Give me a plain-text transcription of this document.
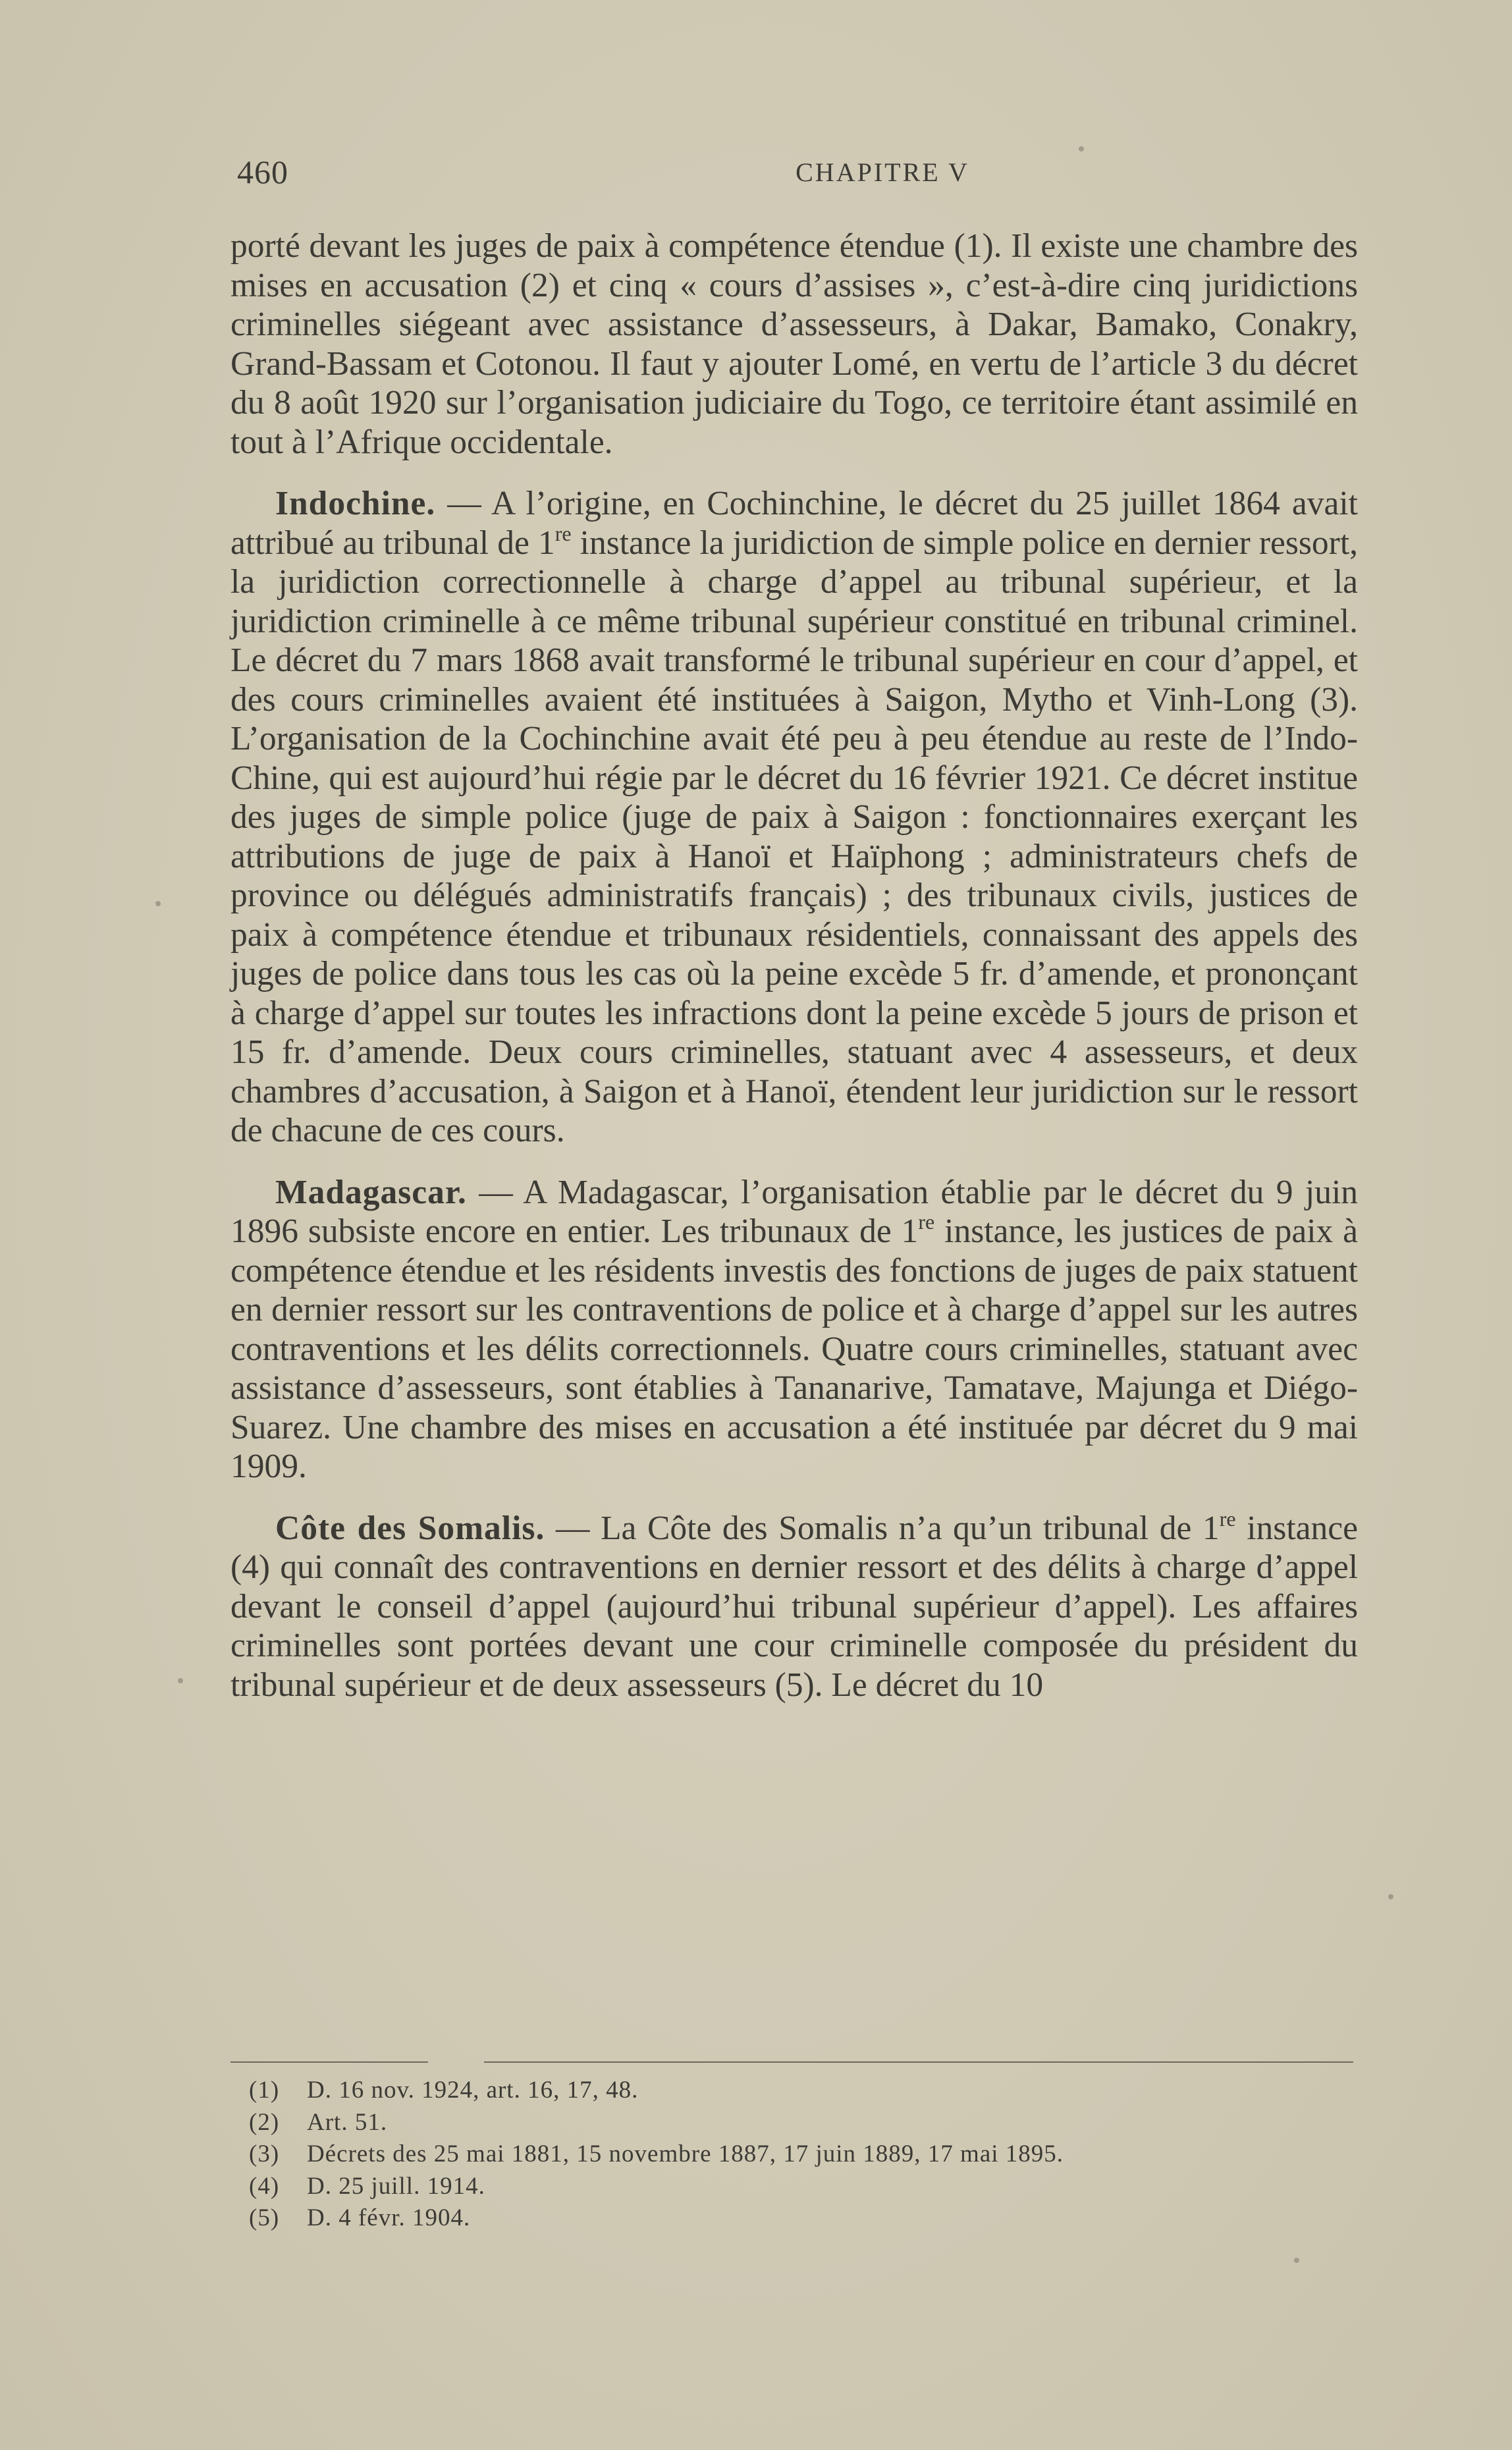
460	CHAPITRE V

porté devant les juges de paix à compétence étendue (1). Il existe une chambre des mises en accusation (2) et cinq « cours d’assises », c’est-à-dire cinq juridictions criminelles siégeant avec assistance d’assesseurs, à Dakar, Bamako, Conakry, Grand-Bassam et Cotonou. Il faut y ajouter Lomé, en vertu de l’article 3 du décret du 8 août 1920 sur l’organisation judiciaire du Togo, ce territoire étant assimilé en tout à l’Afrique occidentale.

Indochine. — A l’origine, en Cochinchine, le décret du 25 juillet 1864 avait attribué au tribunal de 1re instance la juridiction de simple police en dernier ressort, la juridiction correctionnelle à charge d’appel au tribunal supérieur, et la juridiction criminelle à ce même tribunal supérieur constitué en tribunal criminel. Le décret du 7 mars 1868 avait transformé le tribunal supérieur en cour d’appel, et des cours criminelles avaient été instituées à Saigon, Mytho et Vinh-Long (3). L’organisation de la Cochinchine avait été peu à peu étendue au reste de l’Indo-Chine, qui est aujourd’hui régie par le décret du 16 février 1921. Ce décret institue des juges de simple police (juge de paix à Saigon : fonctionnaires exerçant les attributions de juge de paix à Hanoï et Haïphong ; administrateurs chefs de province ou délégués administratifs français) ; des tribunaux civils, justices de paix à compétence étendue et tribunaux résidentiels, connaissant des appels des juges de police dans tous les cas où la peine excède 5 fr. d’amende, et prononçant à charge d’appel sur toutes les infractions dont la peine excède 5 jours de prison et 15 fr. d’amende. Deux cours criminelles, statuant avec 4 assesseurs, et deux chambres d’accusation, à Saigon et à Hanoï, étendent leur juridiction sur le ressort de chacune de ces cours.

Madagascar. — A Madagascar, l’organisation établie par le décret du 9 juin 1896 subsiste encore en entier. Les tribunaux de 1re instance, les justices de paix à compétence étendue et les résidents investis des fonctions de juges de paix statuent en dernier ressort sur les contraventions de police et à charge d’appel sur les autres contraventions et les délits correctionnels. Quatre cours criminelles, statuant avec assistance d’assesseurs, sont établies à Tananarive, Tamatave, Majunga et Diégo-Suarez. Une chambre des mises en accusation a été instituée par décret du 9 mai 1909.

Côte des Somalis. — La Côte des Somalis n’a qu’un tribunal de 1re instance (4) qui connaît des contraventions en dernier ressort et des délits à charge d’appel devant le conseil d’appel (aujourd’hui tribunal supérieur d’appel). Les affaires criminelles sont portées devant une cour criminelle composée du président du tribunal supérieur et de deux assesseurs (5). Le décret du 10

(1) D. 16 nov. 1924, art. 16, 17, 48.
(2) Art. 51.
(3) Décrets des 25 mai 1881, 15 novembre 1887, 17 juin 1889, 17 mai 1895.
(4) D. 25 juill. 1914.
(5) D. 4 févr. 1904.
